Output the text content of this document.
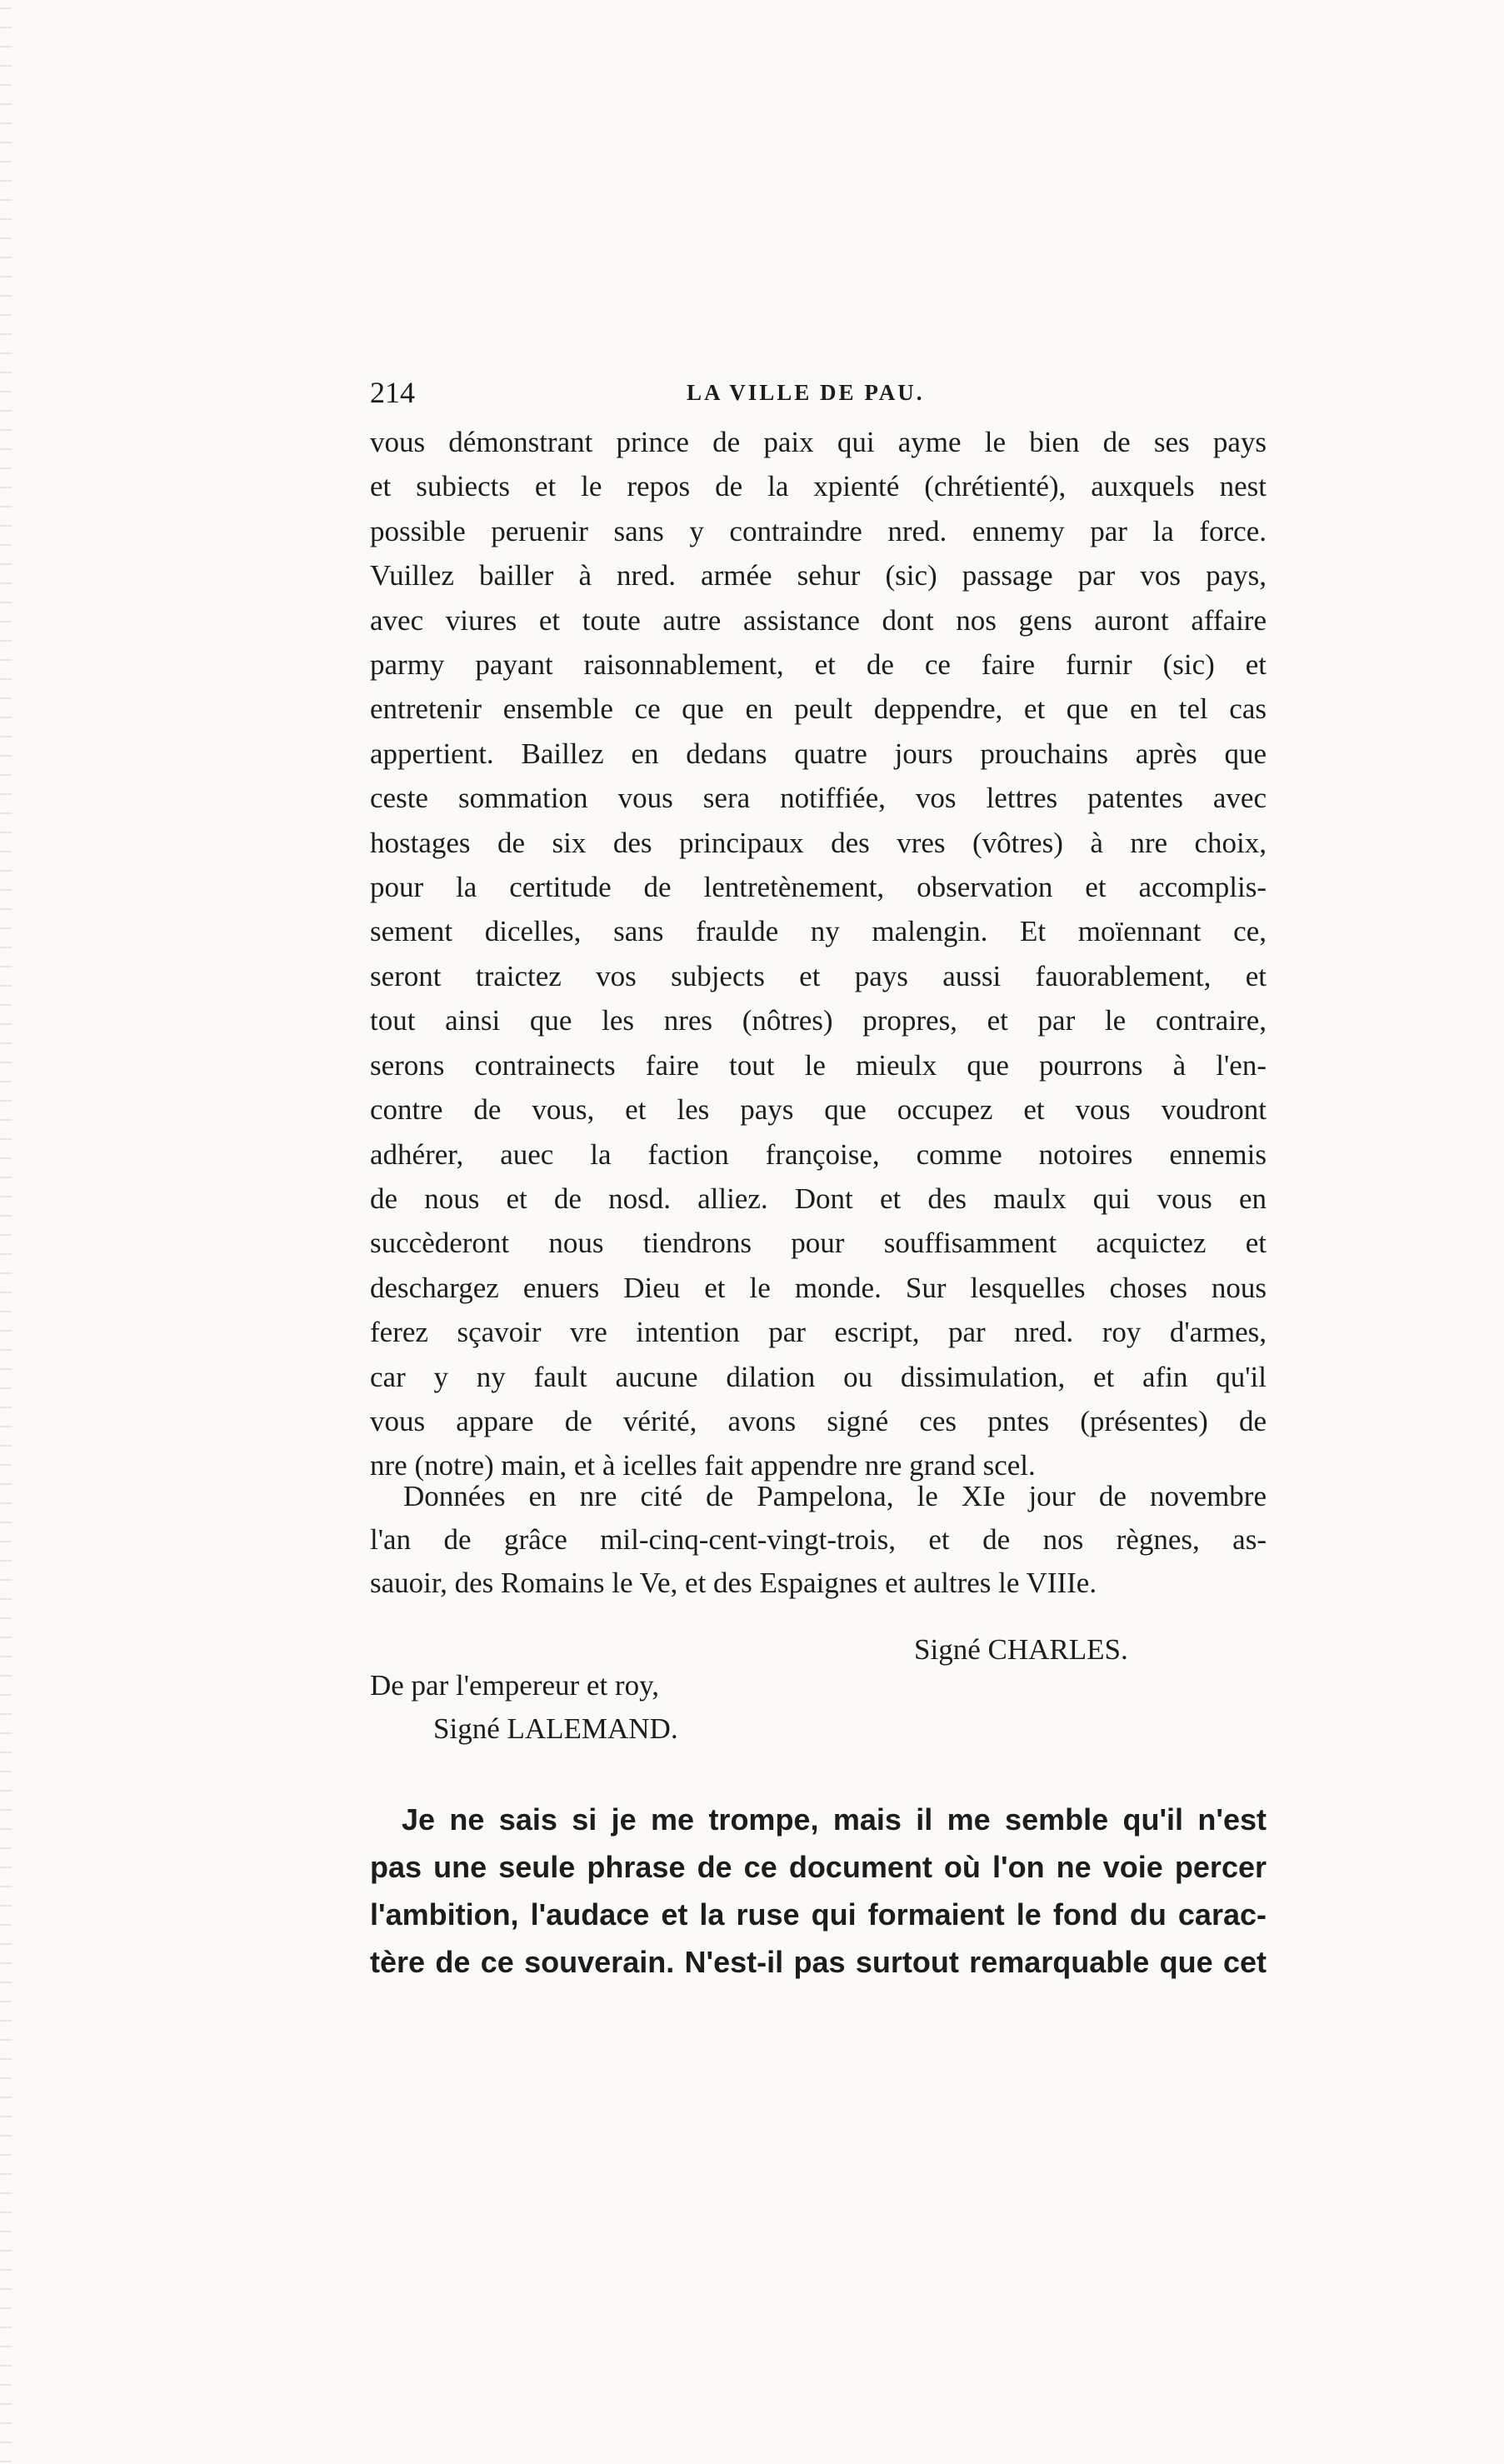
214	LA VILLE DE PAU.
vous démonstrant prince de paix qui ayme le bien de ses pays
et subiects et le repos de la xpienté (chrétienté), auxquels nest
possible peruenir sans y contraindre nred. ennemy par la force.
Vuillez bailler à nred. armée sehur (sic) passage par vos pays,
avec viures et toute autre assistance dont nos gens auront affaire
parmy payant raisonnablement, et de ce faire furnir (sic) et
entretenir ensemble ce que en peult deppendre, et que en tel cas
appertient. Baillez en dedans quatre jours prouchains après que
ceste sommation vous sera notiffiée, vos lettres patentes avec
hostages de six des principaux des vres (vôtres) à nre choix,
pour la certitude de lentretènement, observation et accomplis-
sement dicelles, sans fraulde ny malengin. Et moïennant ce,
seront traictez vos subjects et pays aussi fauorablement, et
tout ainsi que les nres (nôtres) propres, et par le contraire,
serons contrainects faire tout le mieulx que pourrons à l'en-
contre de vous, et les pays que occupez et vous voudront
adhérer, auec la faction françoise, comme notoires ennemis
de nous et de nosd. alliez. Dont et des maulx qui vous en
succèderont nous tiendrons pour souffisamment acquictez et
deschargez enuers Dieu et le monde. Sur lesquelles choses nous
ferez sçavoir vre intention par escript, par nred. roy d'armes,
car y ny fault aucune dilation ou dissimulation, et afin qu'il
vous appare de vérité, avons signé ces pntes (présentes) de
nre (notre) main, et à icelles fait appendre nre grand scel.
Données en nre cité de Pampelona, le XIe jour de novembre
l'an de grâce mil-cinq-cent-vingt-trois, et de nos règnes, as-
sauoir, des Romains le Ve, et des Espaignes et aultres le VIIIe.
Signé CHARLES.
De par l'empereur et roy,
Signé LALEMAND.
Je ne sais si je me trompe, mais il me semble qu'il n'est
pas une seule phrase de ce document où l'on ne voie percer
l'ambition, l'audace et la ruse qui formaient le fond du carac-
tère de ce souverain. N'est-il pas surtout remarquable que cet
